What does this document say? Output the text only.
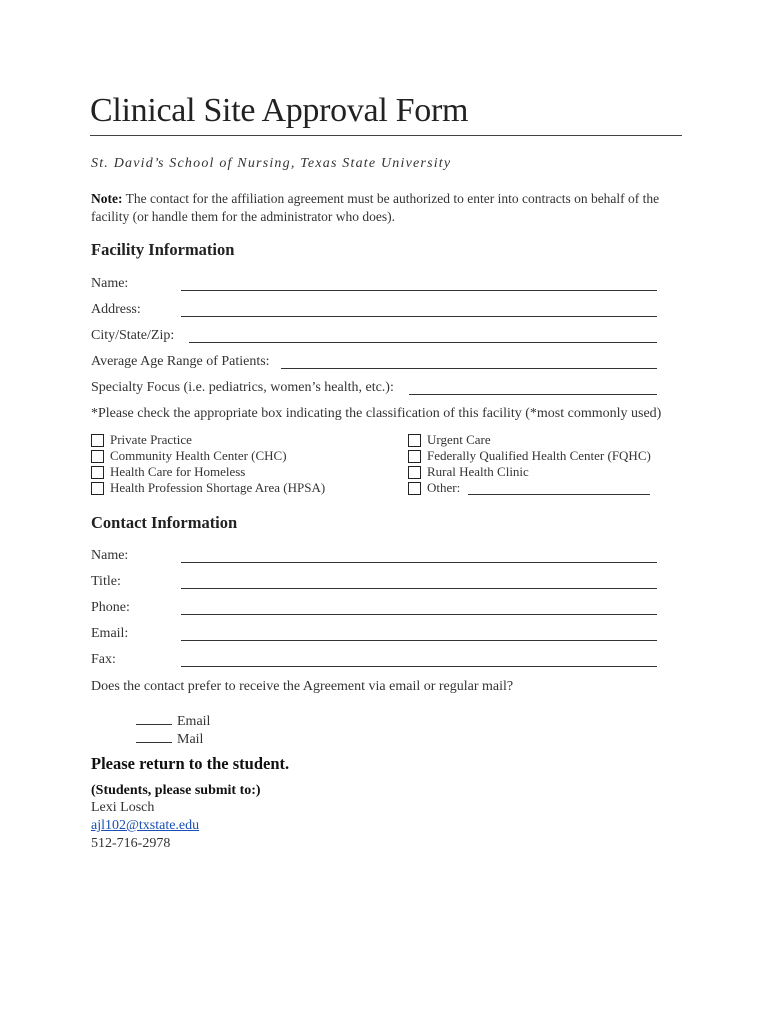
Clinical Site Approval Form
St. David’s School of Nursing, Texas State University
Note: The contact for the affiliation agreement must be authorized to enter into contracts on behalf of the facility (or handle them for the administrator who does).
Facility Information
Name:
Address:
City/State/Zip:
Average Age Range of Patients:
Specialty Focus (i.e. pediatrics, women’s health, etc.):
*Please check the appropriate box indicating the classification of this facility (*most commonly used)
Private Practice
Community Health Center (CHC)
Health Care for Homeless
Health Profession Shortage Area (HPSA)
Urgent Care
Federally Qualified Health Center (FQHC)
Rural Health Clinic
Other:
Contact Information
Name:
Title:
Phone:
Email:
Fax:
Does the contact prefer to receive the Agreement via email or regular mail?
Email
Mail
Please return to the student.
(Students, please submit to:)
Lexi Losch
ajl102@txstate.edu
512-716-2978
